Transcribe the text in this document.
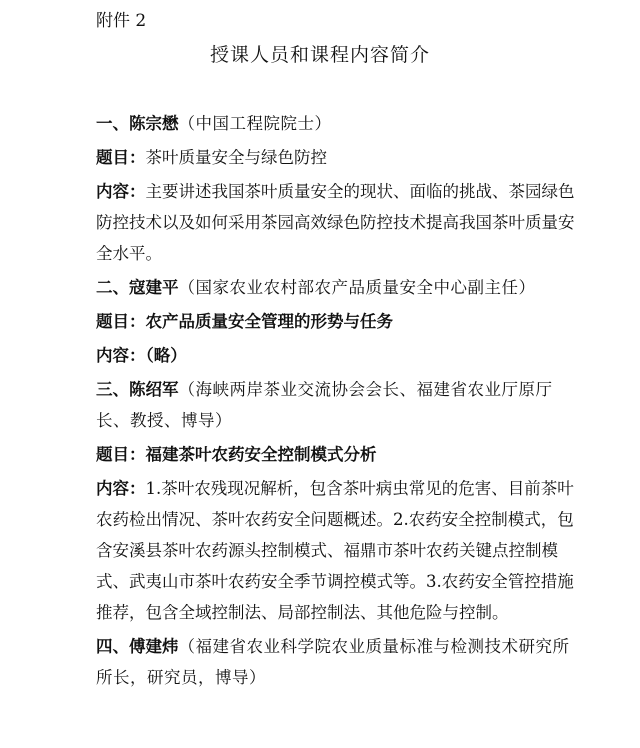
附件 2
授课人员和课程内容简介

一、陈宗懋（中国工程院院士）

题目：茶叶质量安全与绿色防控

内容：主要讲述我国茶叶质量安全的现状、面临的挑战、茶园绿色防控技术以及如何采用茶园高效绿色防控技术提高我国茶叶质量安全水平。

二、寇建平（国家农业农村部农产品质量安全中心副主任）

题目：农产品质量安全管理的形势与任务

内容：（略）

三、陈绍军（海峡两岸茶业交流协会会长、福建省农业厅原厅长、教授、博导）

题目：福建茶叶农药安全控制模式分析

内容：1.茶叶农残现况解析，包含茶叶病虫常见的危害、目前茶叶农药检出情况、茶叶农药安全问题概述。2.农药安全控制模式，包含安溪县茶叶农药源头控制模式、福鼎市茶叶农药关键点控制模式、武夷山市茶叶农药安全季节调控模式等。3.农药安全管控措施推荐，包含全域控制法、局部控制法、其他危险与控制。

四、傅建炜（福建省农业科学院农业质量标准与检测技术研究所所长，研究员，博导）
